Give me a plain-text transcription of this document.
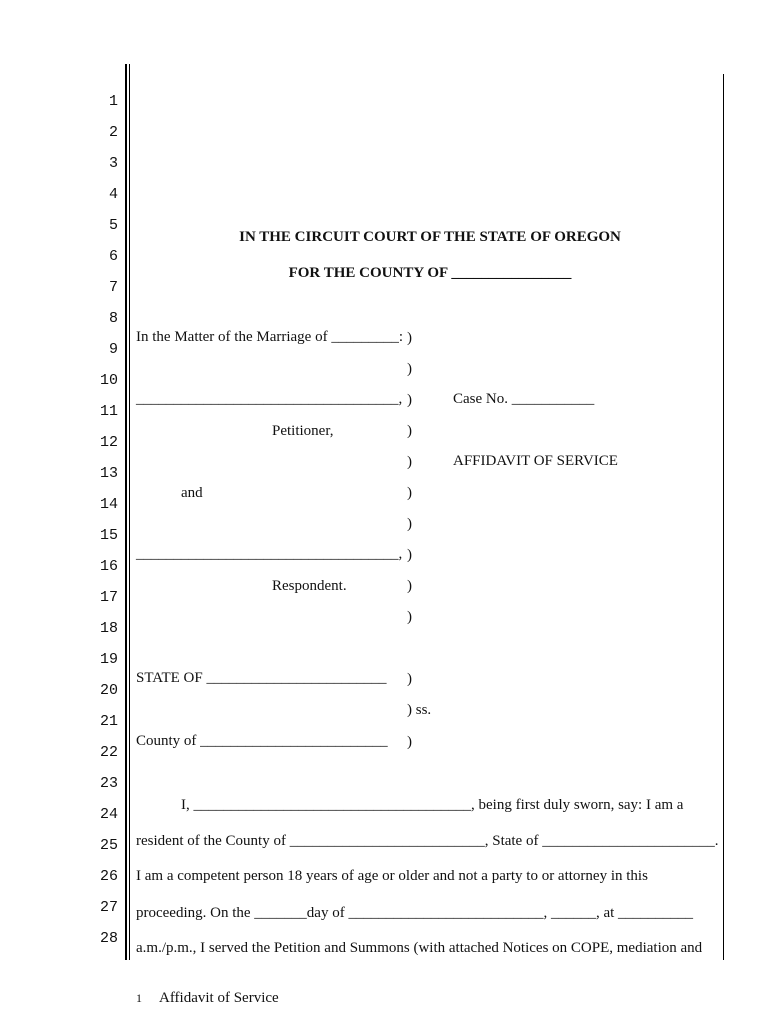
1
2
3
4
5
6
7
8
9
10
11
12
13
14
15
16
17
18
19
20
21
22
23
24
25
26
27
28
IN THE CIRCUIT COURT OF THE STATE OF OREGON
FOR THE COUNTY OF ________________
In the Matter of the Marriage of _________:
___________________________________,
Petitioner,
and
___________________________________,
Respondent.
)
)
)
)
)
)
)
)
)
)
Case No. ___________
AFFIDAVIT OF SERVICE
STATE OF ________________________ )
) ss.
County of _________________________ )
I, _____________________________________, being first duly sworn, say: I am a
resident of the County of __________________________, State of _______________________.
I am a competent person 18 years of age or older and not a party to or attorney in this
proceeding. On the _______day of __________________________, ______, at __________
a.m./p.m., I served the Petition and Summons (with attached Notices on COPE, mediation and
1 Affidavit of Service
